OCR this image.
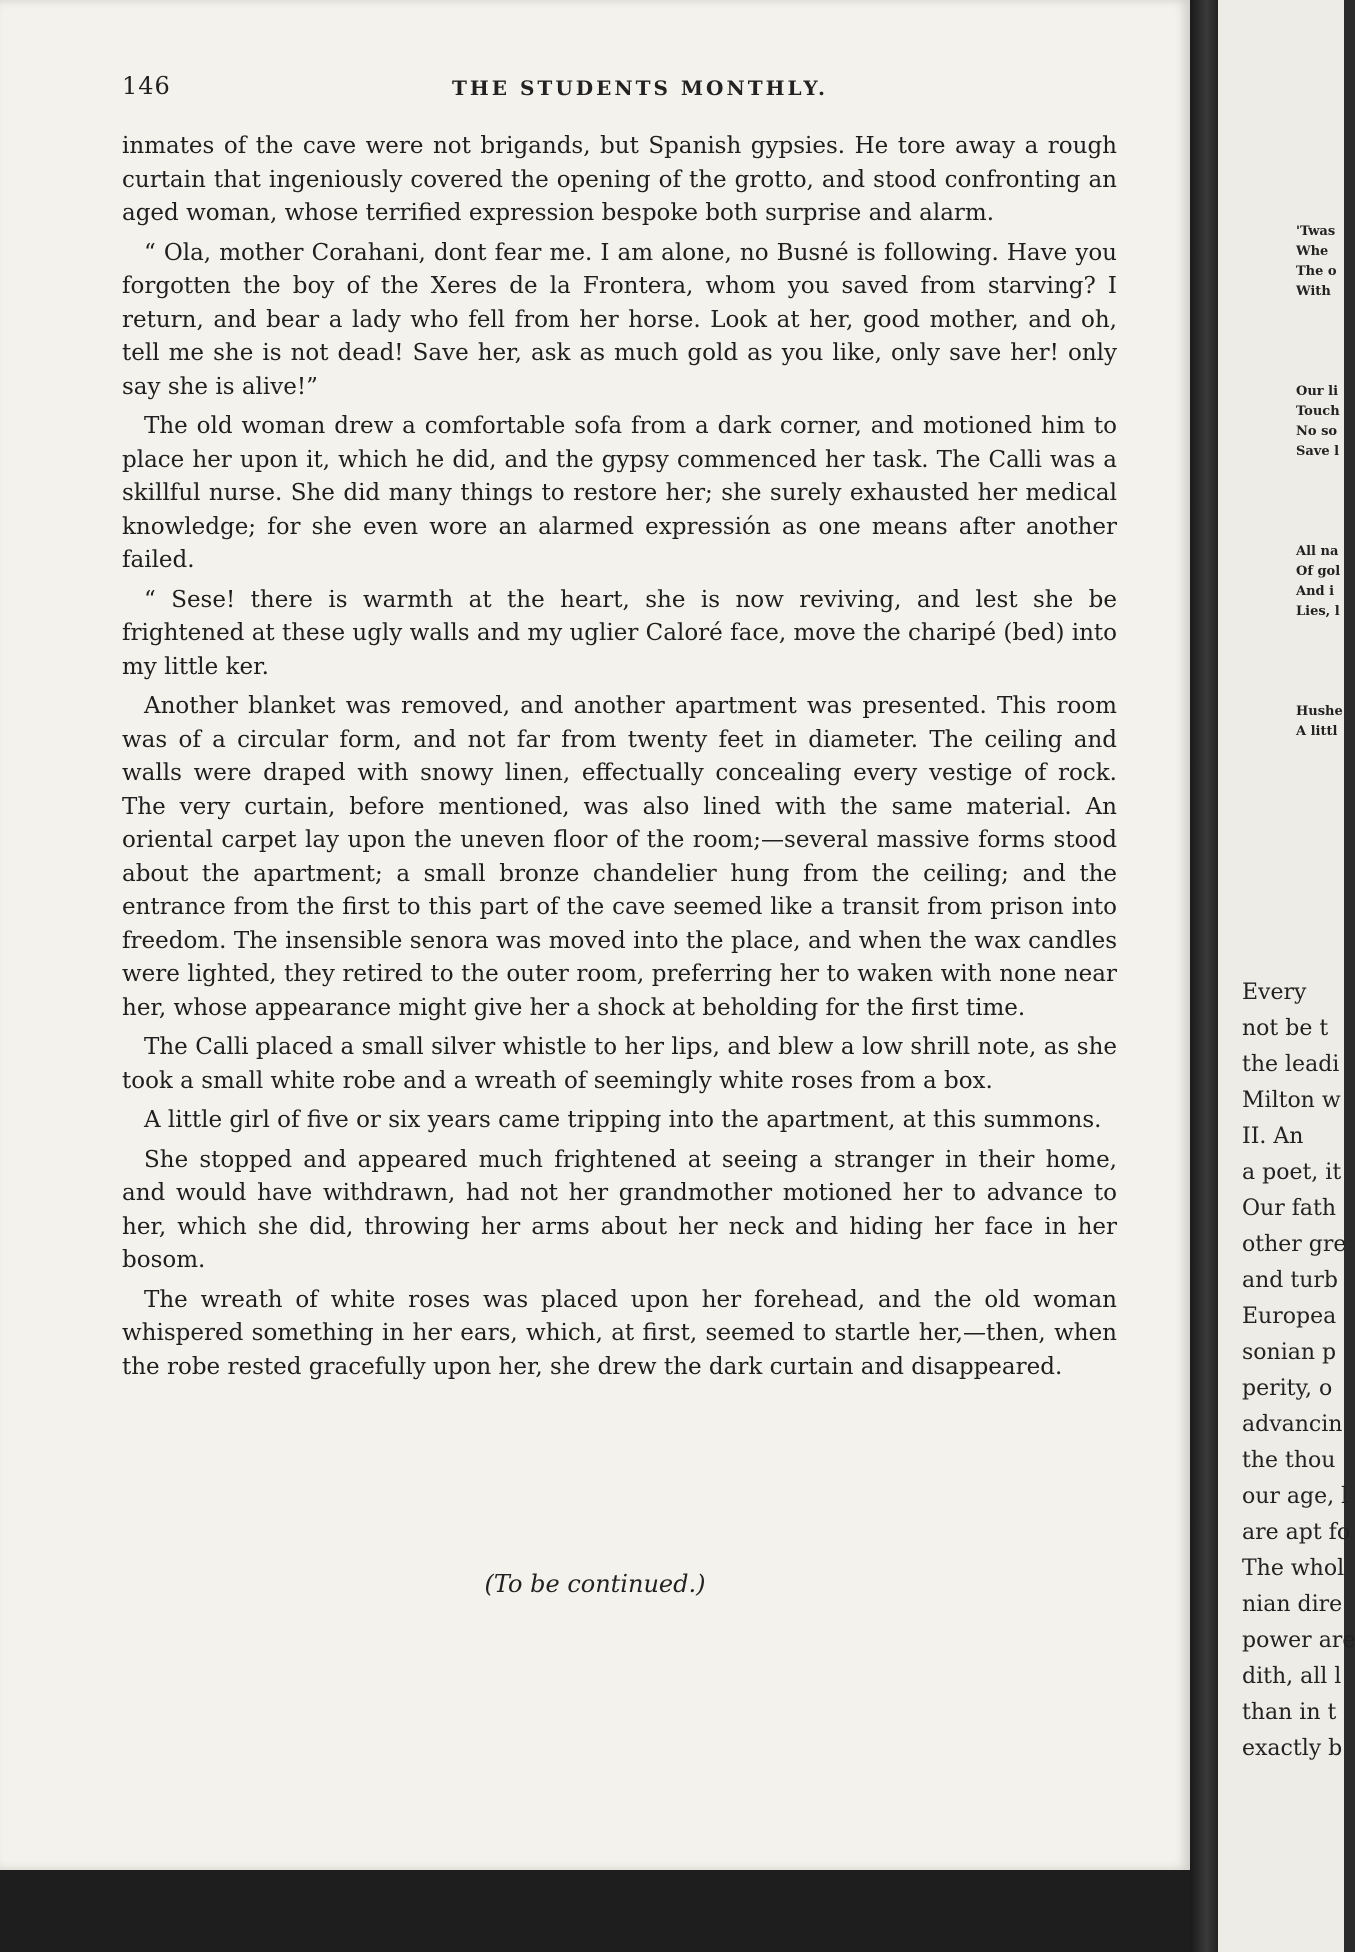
146	THE STUDENTS MONTHLY.

inmates of the cave were not brigands, but Spanish gypsies. He tore away a rough curtain that ingeniously covered the opening of the grotto, and stood confronting an aged woman, whose terrified expression bespoke both surprise and alarm.

“ Ola, mother Corahani, dont fear me. I am alone, no Busné is following. Have you forgotten the boy of the Xeres de la Frontera, whom you saved from starving? I return, and bear a lady who fell from her horse. Look at her, good mother, and oh, tell me she is not dead! Save her, ask as much gold as you like, only save her! only say she is alive!”

The old woman drew a comfortable sofa from a dark corner, and motioned him to place her upon it, which he did, and the gypsy commenced her task. The Calli was a skillful nurse. She did many things to restore her; she surely exhausted her medical knowledge; for she even wore an alarmed expressión as one means after another failed.

“ Sese! there is warmth at the heart, she is now reviving, and lest she be frightened at these ugly walls and my uglier Caloré face, move the charipé (bed) into my little ker.

Another blanket was removed, and another apartment was presented. This room was of a circular form, and not far from twenty feet in diameter. The ceiling and walls were draped with snowy linen, effectually concealing every vestige of rock. The very curtain, before mentioned, was also lined with the same material. An oriental carpet lay upon the uneven floor of the room;—several massive forms stood about the apartment; a small bronze chandelier hung from the ceiling; and the entrance from the first to this part of the cave seemed like a transit from prison into freedom. The insensible senora was moved into the place, and when the wax candles were lighted, they retired to the outer room, preferring her to waken with none near her, whose appearance might give her a shock at beholding for the first time.

The Calli placed a small silver whistle to her lips, and blew a low shrill note, as she took a small white robe and a wreath of seemingly white roses from a box.

A little girl of five or six years came tripping into the apartment, at this summons.

She stopped and appeared much frightened at seeing a stranger in their home, and would have withdrawn, had not her grandmother motioned her to advance to her, which she did, throwing her arms about her neck and hiding her face in her bosom.

The wreath of white roses was placed upon her forehead, and the old woman whispered something in her ears, which, at first, seemed to startle her,—then, when the robe rested gracefully upon her, she drew the dark curtain and disappeared.

(To be continued.)
'Twas
Whe
The o
With
Our li
Touch
No so
Save l
All na
Of gol
And i
Lies, l
Hushe
A littl
Every
not be t
the leadi
Milton w
II. An
a poet, it
Our fath
other gre
and turb
Europea
sonian p
perity, o
advancin
the thou
our age, l
are apt fo
The whol
nian dire
power are
dith, all l
than in t
exactly b
